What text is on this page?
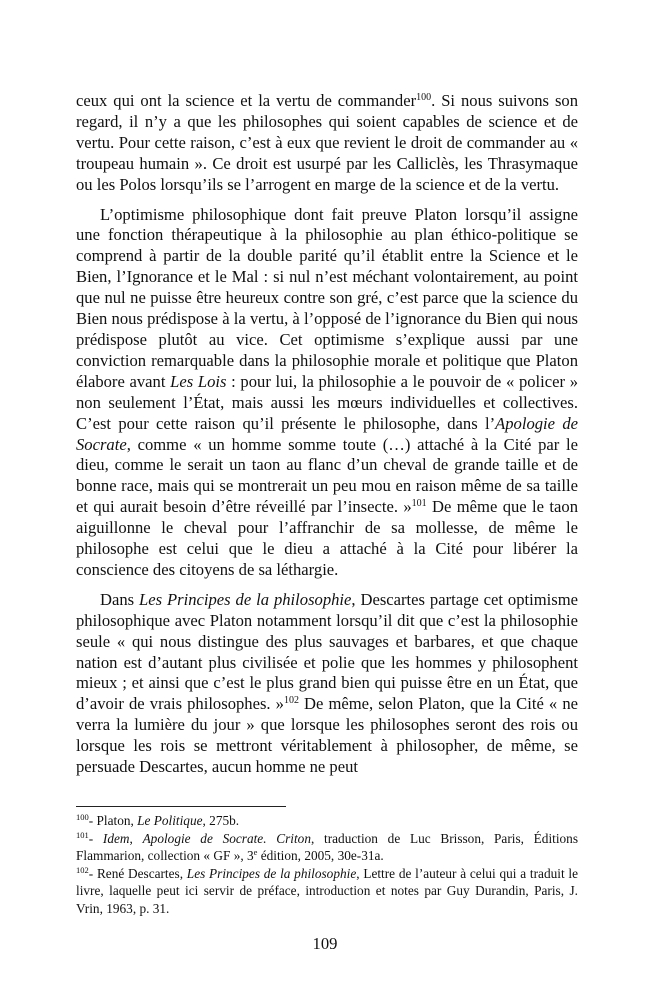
ceux qui ont la science et la vertu de commander$^{100}$. Si nous suivons son regard, il n’y a que les philosophes qui soient capables de science et de vertu. Pour cette raison, c’est à eux que revient le droit de commander au « troupeau humain ». Ce droit est usurpé par les Calliclès, les Thrasymaque ou les Polos lorsqu’ils se l’arrogent en marge de la science et de la vertu.

L’optimisme philosophique dont fait preuve Platon lorsqu’il assigne une fonction thérapeutique à la philosophie au plan éthico-politique se comprend à partir de la double parité qu’il établit entre la Science et le Bien, l’Ignorance et le Mal : si nul n’est méchant volontairement, au point que nul ne puisse être heureux contre son gré, c’est parce que la science du Bien nous prédispose à la vertu, à l’opposé de l’ignorance du Bien qui nous prédispose plutôt au vice. Cet optimisme s’explique aussi par une conviction remarquable dans la philosophie morale et politique que Platon élabore avant Les Lois : pour lui, la philosophie a le pouvoir de « policer » non seulement l’État, mais aussi les mœurs individuelles et collectives. C’est pour cette raison qu’il présente le philosophe, dans l’Apologie de Socrate, comme « un homme somme toute (…) attaché à la Cité par le dieu, comme le serait un taon au flanc d’un cheval de grande taille et de bonne race, mais qui se montrerait un peu mou en raison même de sa taille et qui aurait besoin d’être réveillé par l’insecte. »$^{101}$ De même que le taon aiguillonne le cheval pour l’affranchir de sa mollesse, de même le philosophe est celui que le dieu a attaché à la Cité pour libérer la conscience des citoyens de sa léthargie.

Dans Les Principes de la philosophie, Descartes partage cet optimisme philosophique avec Platon notamment lorsqu’il dit que c’est la philosophie seule « qui nous distingue des plus sauvages et barbares, et que chaque nation est d’autant plus civilisée et polie que les hommes y philosophent mieux ; et ainsi que c’est le plus grand bien qui puisse être en un État, que d’avoir de vrais philosophes. »$^{102}$ De même, selon Platon, que la Cité « ne verra la lumière du jour » que lorsque les philosophes seront des rois ou lorsque les rois se mettront véritablement à philosopher, de même, se persuade Descartes, aucun homme ne peut

$^{100}$- Platon, Le Politique, 275b.

$^{101}$- Idem, Apologie de Socrate. Criton, traduction de Luc Brisson, Paris, Éditions Flammarion, collection « GF », 3e édition, 2005, 30e-31a.

$^{102}$- René Descartes, Les Principes de la philosophie, Lettre de l’auteur à celui qui a traduit le livre, laquelle peut ici servir de préface, introduction et notes par Guy Durandin, Paris, J. Vrin, 1963, p. 31.

109
